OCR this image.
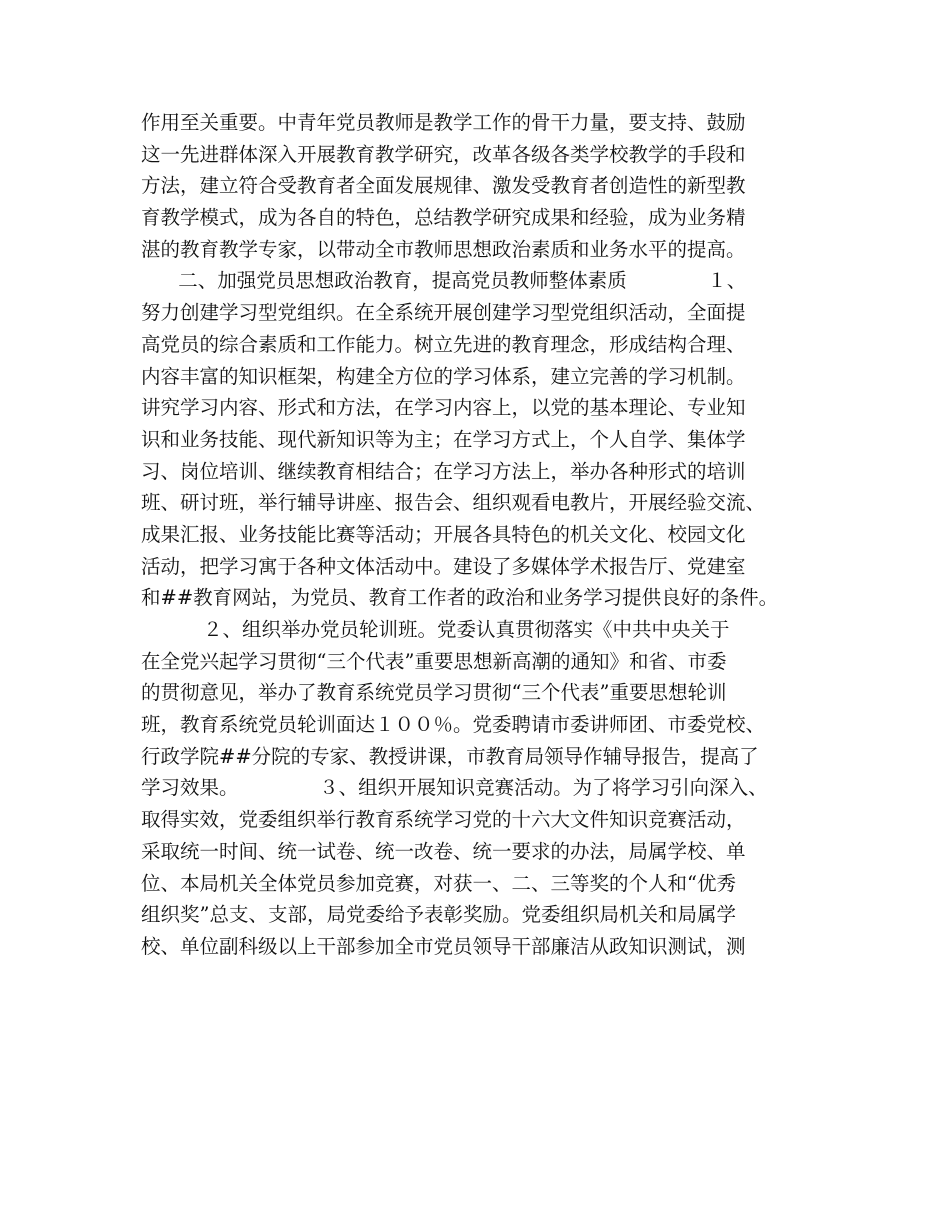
作用至关重要。中青年党员教师是教学工作的骨干力量，要支持、鼓励
这一先进群体深入开展教育教学研究，改革各级各类学校教学的手段和
方法，建立符合受教育者全面发展规律、激发受教育者创造性的新型教
育教学模式，成为各自的特色，总结教学研究成果和经验，成为业务精
湛的教育教学专家，以带动全市教师思想政治素质和业务水平的提高。
二、加强党员思想政治教育，提高党员教师整体素质             １、
努力创建学习型党组织。在全系统开展创建学习型党组织活动，全面提
高党员的综合素质和工作能力。树立先进的教育理念，形成结构合理、
内容丰富的知识框架，构建全方位的学习体系，建立完善的学习机制。
讲究学习内容、形式和方法，在学习内容上，以党的基本理论、专业知
识和业务技能、现代新知识等为主；在学习方式上，个人自学、集体学
习、岗位培训、继续教育相结合；在学习方法上，举办各种形式的培训
班、研讨班，举行辅导讲座、报告会、组织观看电教片，开展经验交流、
成果汇报、业务技能比赛等活动；开展各具特色的机关文化、校园文化
活动，把学习寓于各种文体活动中。建设了多媒体学术报告厅、党建室
和##教育网站，为党员、教育工作者的政治和业务学习提供良好的条件。
２、组织举办党员轮训班。党委认真贯彻落实《中共中央关于
在全党兴起学习贯彻“三个代表”重要思想新高潮的通知》和省、市委
的贯彻意见，举办了教育系统党员学习贯彻“三个代表”重要思想轮训
班，教育系统党员轮训面达１００％。党委聘请市委讲师团、市委党校、
行政学院##分院的专家、教授讲课，市教育局领导作辅导报告，提高了
学习效果。             ３、组织开展知识竞赛活动。为了将学习引向深入、
取得实效，党委组织举行教育系统学习党的十六大文件知识竞赛活动，
采取统一时间、统一试卷、统一改卷、统一要求的办法，局属学校、单
位、本局机关全体党员参加竞赛，对获一、二、三等奖的个人和“优秀
组织奖”总支、支部，局党委给予表彰奖励。党委组织局机关和局属学
校、单位副科级以上干部参加全市党员领导干部廉洁从政知识测试，测
